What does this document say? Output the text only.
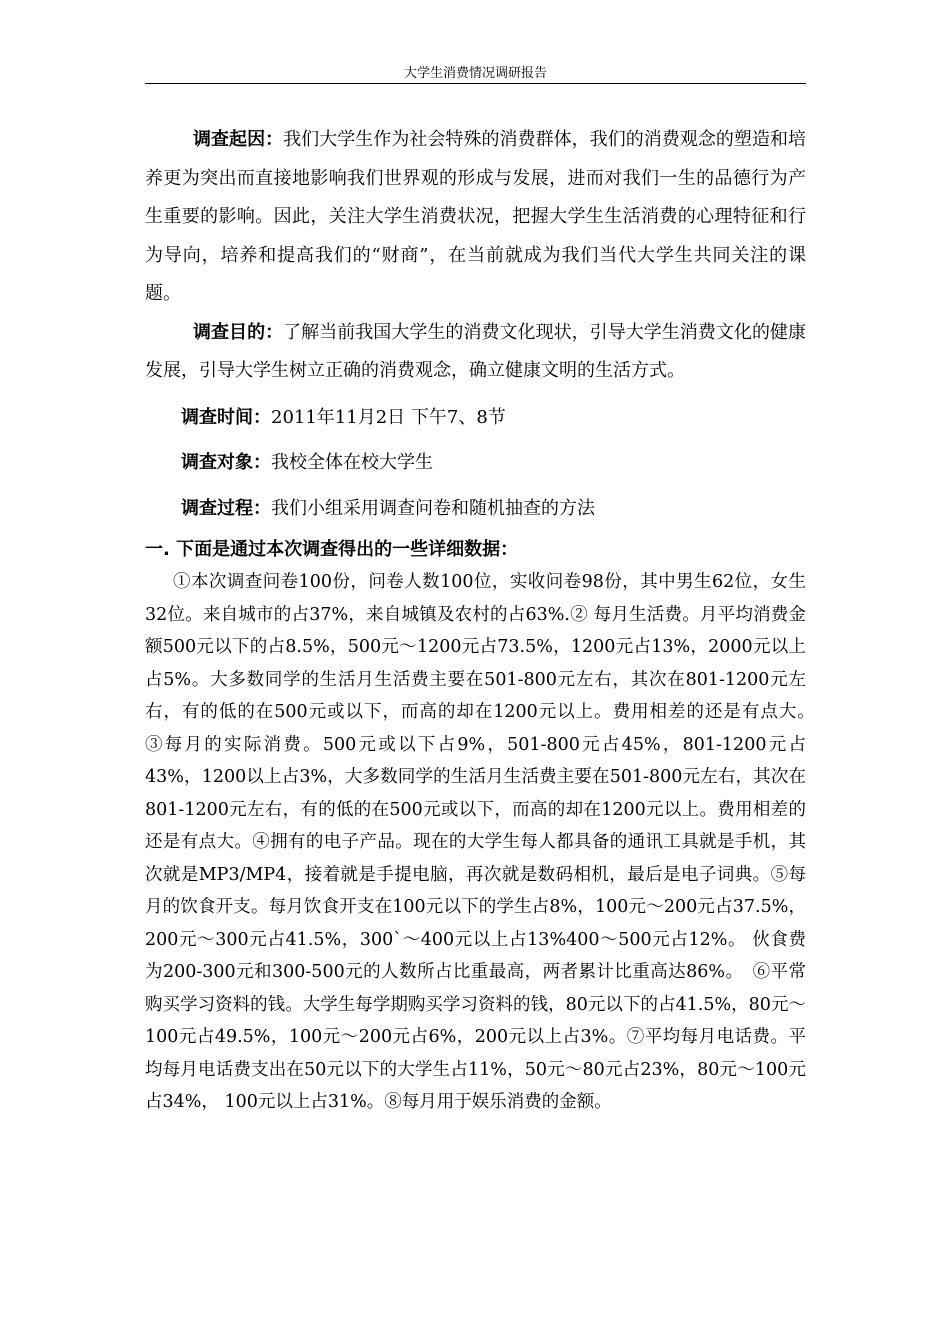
大学生消费情况调研报告

调查起因：我们大学生作为社会特殊的消费群体，我们的消费观念的塑造和培养更为突出而直接地影响我们世界观的形成与发展，进而对我们一生的品德行为产生重要的影响。因此，关注大学生消费状况，把握大学生生活消费的心理特征和行为导向，培养和提高我们的“财商”，在当前就成为我们当代大学生共同关注的课题。

调查目的：了解当前我国大学生的消费文化现状，引导大学生消费文化的健康发展，引导大学生树立正确的消费观念，确立健康文明的生活方式。

调查时间：2011年11月2日 下午7、8节

调查对象：我校全体在校大学生

调查过程：我们小组采用调查问卷和随机抽查的方法

一. 下面是通过本次调查得出的一些详细数据：

①本次调查问卷100份，问卷人数100位，实收问卷98份，其中男生62位，女生32位。来自城市的占37%，来自城镇及农村的占63%.② 每月生活费。月平均消费金额500元以下的占8.5%，500元～1200元占73.5%，1200元占13%，2000元以上占5%。大多数同学的生活月生活费主要在501-800元左右，其次在801-1200元左右，有的低的在500元或以下，而高的却在1200元以上。费用相差的还是有点大。　③每月的实际消费。500元或以下占9%，501-800元占45%，801-1200元占43%，1200以上占3%，大多数同学的生活月生活费主要在501-800元左右，其次在801-1200元左右，有的低的在500元或以下，而高的却在1200元以上。费用相差的还是有点大。④拥有的电子产品。现在的大学生每人都具备的通讯工具就是手机，其次就是MP3/MP4，接着就是手提电脑，再次就是数码相机，最后是电子词典。⑤每月的饮食开支。每月饮食开支在100元以下的学生占8%，100元～200元占37.5%，200元～300元占41.5%，300`～400元以上占13%400～500元占12%。 伙食费为200-300元和300-500元的人数所占比重最高，两者累计比重高达86%。　⑥平常购买学习资料的钱。大学生每学期购买学习资料的钱，80元以下的占41.5%，80元～100元占49.5%，100元～200元占6%，200元以上占3%。⑦平均每月电话费。平均每月电话费支出在50元以下的大学生占11%，50元～80元占23%，80元～100元占34%， 100元以上占31%。⑧每月用于娱乐消费的金额。
